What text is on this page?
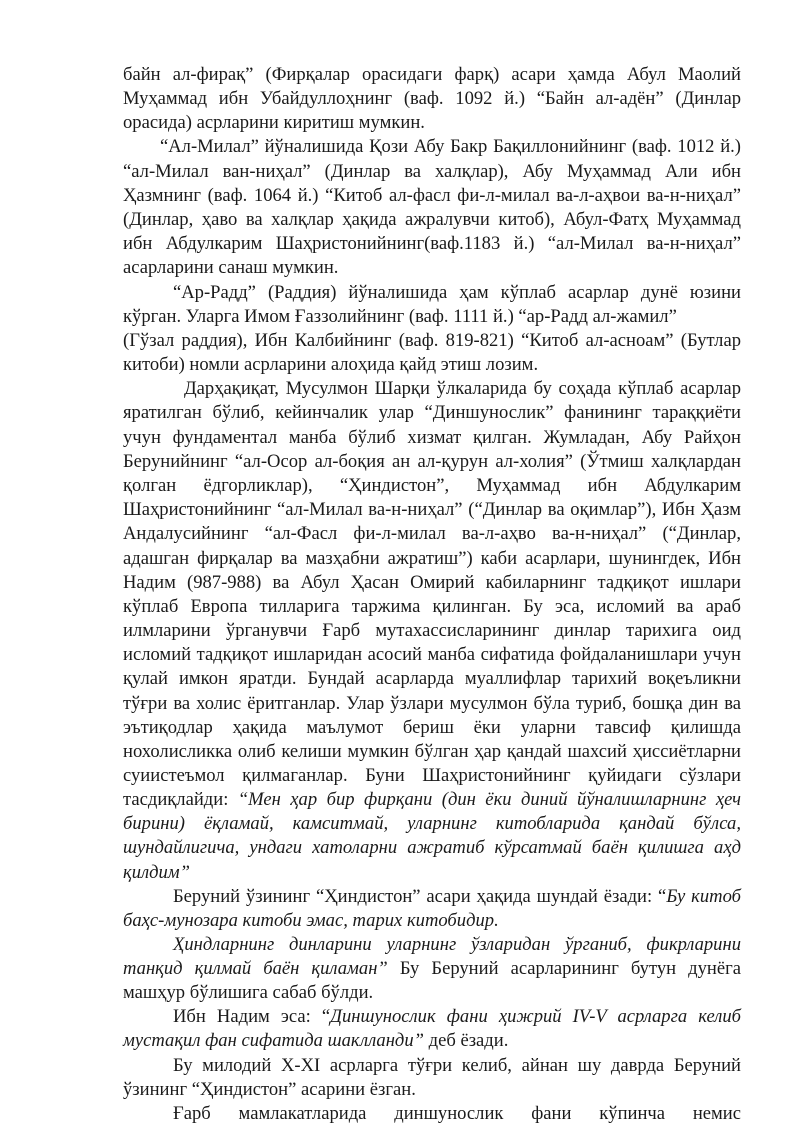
байн ал-фирақ” (Фирқалар орасидаги фарқ) асари ҳамда Абул Маолий
Муҳаммад ибн Убайдуллоҳнинг (ваф. 1092 й.) “Байн ал-адён” (Динлар
орасида) асрларини киритиш мумкин.
“Ал-Милал” йўналишида Қози Абу Бакр Бақиллонийнинг (ваф. 1012 й.)
“ал-Милал ван-ниҳал” (Динлар ва халқлар), Абу Муҳаммад Али ибн
Ҳазмнинг (ваф. 1064 й.) “Китоб ал-фасл фи-л-милал ва-л-аҳвои ва-н-ниҳал”
(Динлар, ҳаво ва халқлар ҳақида ажралувчи китоб), Абул-Фатҳ Муҳаммад
ибн Абдулкарим Шаҳристонийнинг(ваф.1183 й.) “ал-Милал ва-н-ниҳал”
асарларини санаш мумкин.
“Ар-Радд” (Раддия) йўналишида ҳам кўплаб асарлар дунё юзини
кўрган. Уларга Имом Ғаззолийнинг (ваф. 1111 й.) “ар-Радд ал-жамил”
(Гўзал раддия), Ибн Калбийнинг (ваф. 819-821) “Китоб ал-асноам” (Бутлар
китоби) номли асрларини алоҳида қайд этиш лозим.
Дарҳақиқат, Мусулмон Шарқи ўлкаларида бу соҳада кўплаб асарлар
яратилган бўлиб, кейинчалик улар “Диншунослик” фанининг тараққиёти
учун фундаментал манба бўлиб хизмат қилган. Жумладан, Абу Райҳон
Берунийнинг “ал-Осор ал-боқия ан ал-қурун ал-холия” (Ўтмиш халқлардан
қолган ёдгорликлар), “Ҳиндистон”, Муҳаммад ибн Абдулкарим
Шаҳристонийнинг “ал-Милал ва-н-ниҳал” (“Динлар ва оқимлар”), Ибн Ҳазм
Андалусийнинг “ал-Фасл фи-л-милал ва-л-аҳво ва-н-ниҳал” (“Динлар,
адашган фирқалар ва мазҳабни ажратиш”) каби асарлари, шунингдек, Ибн
Надим (987-988) ва Абул Ҳасан Омирий кабиларнинг тадқиқот ишлари
кўплаб Европа тилларига таржима қилинган. Бу эса, исломий ва араб
илмларини ўрганувчи Ғарб мутахассисларининг динлар тарихига оид
исломий тадқиқот ишларидан асосий манба сифатида фойдаланишлари учун
қулай имкон яратди. Бундай асарларда муаллифлар тарихий воқеъликни
тўғри ва холис ёритганлар. Улар ўзлари мусулмон бўла туриб, бошқа дин ва
эътиқодлар ҳақида маълумот бериш ёки уларни тавсиф қилишда
нохолисликка олиб келиши мумкин бўлган ҳар қандай шахсий ҳиссиётларни
суиистеъмол қилмаганлар. Буни Шаҳристонийнинг қуйидаги сўзлари
тасдиқлайди: “Мен ҳар бир фирқани (дин ёки диний йўналишларнинг ҳеч
бирини) ёқламай, камситмай, уларнинг китобларида қандай бўлса,
шундайлигича, ундаги хатоларни ажратиб кўрсатмай баён қилишга аҳд
қилдим”
Беруний ўзининг “Ҳиндистон” асари ҳақида шундай ёзади: “Бу китоб
баҳс-мунозара китоби эмас, тарих китобидир.
Ҳиндларнинг динларини уларнинг ўзларидан ўрганиб, фикрларини
танқид қилмай баён қиламан” Бу Беруний асарларининг бутун дунёга
машҳур бўлишига сабаб бўлди.
Ибн Надим эса: “Диншунослик фани ҳижрий IV-V асрларга келиб
мустақил фан сифатида шаклланди” деб ёзади.
Бу милодий X-XI асрларга тўғри келиб, айнан шу даврда Беруний
ўзининг “Ҳиндистон” асарини ёзган.
Ғарб мамлакатларида диншунослик фани кўпинча немис
